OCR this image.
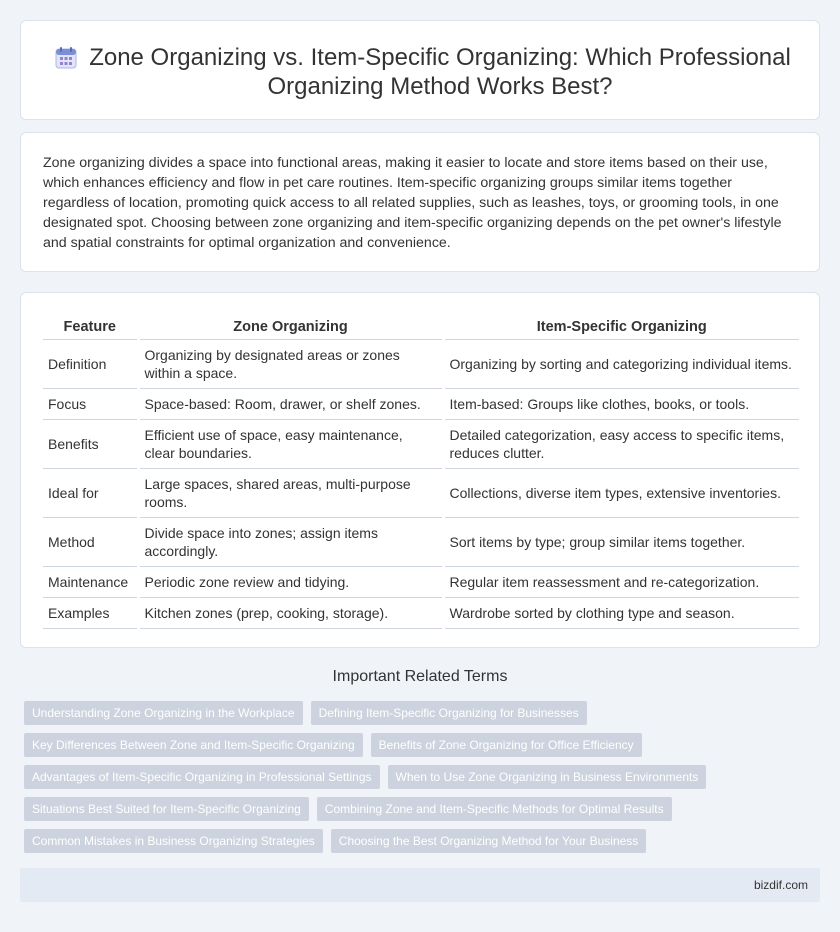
Zone Organizing vs. Item-Specific Organizing: Which Professional Organizing Method Works Best?

Zone organizing divides a space into functional areas, making it easier to locate and store items based on their use, which enhances efficiency and flow in pet care routines. Item-specific organizing groups similar items together regardless of location, promoting quick access to all related supplies, such as leashes, toys, or grooming tools, in one designated spot. Choosing between zone organizing and item-specific organizing depends on the pet owner's lifestyle and spatial constraints for optimal organization and convenience.

Feature	Zone Organizing	Item-Specific Organizing
Definition	Organizing by designated areas or zones within a space.	Organizing by sorting and categorizing individual items.
Focus	Space-based: Room, drawer, or shelf zones.	Item-based: Groups like clothes, books, or tools.
Benefits	Efficient use of space, easy maintenance, clear boundaries.	Detailed categorization, easy access to specific items, reduces clutter.
Ideal for	Large spaces, shared areas, multi-purpose rooms.	Collections, diverse item types, extensive inventories.
Method	Divide space into zones; assign items accordingly.	Sort items by type; group similar items together.
Maintenance	Periodic zone review and tidying.	Regular item reassessment and re-categorization.
Examples	Kitchen zones (prep, cooking, storage).	Wardrobe sorted by clothing type and season.
Important Related Terms
Understanding Zone Organizing in the Workplace	Defining Item-Specific Organizing for Businesses
Key Differences Between Zone and Item-Specific Organizing	Benefits of Zone Organizing for Office Efficiency
Advantages of Item-Specific Organizing in Professional Settings	When to Use Zone Organizing in Business Environments
Situations Best Suited for Item-Specific Organizing	Combining Zone and Item-Specific Methods for Optimal Results
Common Mistakes in Business Organizing Strategies	Choosing the Best Organizing Method for Your Business
bizdif.com
